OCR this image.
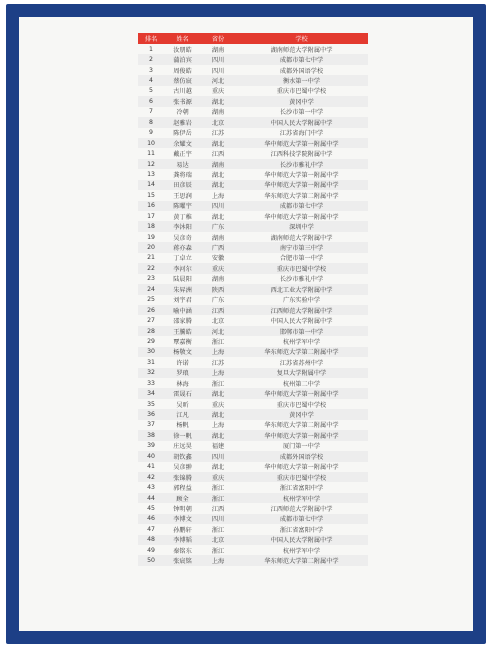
排名	姓名	省份	学校
1	汝朋皓	湖南	湖南师范大学附属中学
2	蒲泊宾	四川	成都市第七中学
3	周俊皓	四川	成都外国语学校
4	蔡仿宸	河北	衡水第一中学
5	古川越	重庆	重庆市巴蜀中学校
6	张书源	湖北	黄冈中学
7	冷朝	湖南	长沙市第一中学
8	赵雅岩	北京	中国人民大学附属中学
9	陈伊岳	江苏	江苏省海门中学
10	余耀文	湖北	华中师范大学第一附属中学
11	戴正宇	江西	江西科技学院附属中学
12	易达	湖南	长沙市雅礼中学
13	龚将瑞	湖北	华中师范大学第一附属中学
14	田彦辰	湖北	华中师范大学第一附属中学
15	王思润	上海	华东师范大学第二附属中学
16	陈曜宇	四川	成都市第七中学
17	黄丁稚	湖北	华中师范大学第一附属中学
18	李沐阳	广东	深圳中学
19	吴彦奇	湖南	湖南师范大学附属中学
20	蒋亦森	广西	南宁市第三中学
21	丁卓立	安徽	合肥市第一中学
22	李河尔	重庆	重庆市巴蜀中学校
23	陆晨阳	湖南	长沙市雅礼中学
24	朱昇洲	陕西	西北工业大学附属中学
25	刘宇君	广东	广东实验中学
26	喻中涵	江西	江西师范大学附属中学
27	邵家腾	北京	中国人民大学附属中学
28	王騰皓	河北	邯郸市第一中学
29	覃嘉衡	浙江	杭州学军中学
30	杨敬文	上海	华东师范大学第二附属中学
31	许诺	江苏	江苏省苏州中学
32	罗琅	上海	复旦大学附属中学
33	林海	浙江	杭州第二中学
34	雷晟石	湖北	华中师范大学第一附属中学
35	吴昕	重庆	重庆市巴蜀中学校
36	江凡	湖北	黄冈中学
37	杨帆	上海	华东师范大学第二附属中学
38	徐一帆	湖北	华中师范大学第一附属中学
39	庄远昊	福建	厦门第一中学
40	胡钦鑫	四川	成都外国语学校
41	吴彦翀	湖北	华中师范大学第一附属中学
42	张锦腾	重庆	重庆市巴蜀中学校
43	郭程益	浙江	浙江省富阳中学
44	顾全	浙江	杭州学军中学
45	钟明朝	江西	江西师范大学附属中学
46	李博文	四川	成都市第七中学
47	孙鹏轩	浙江	浙江省富阳中学
48	李博韬	北京	中国人民大学附属中学
49	秦铭东	浙江	杭州学军中学
50	张宸铭	上海	华东师范大学第二附属中学
